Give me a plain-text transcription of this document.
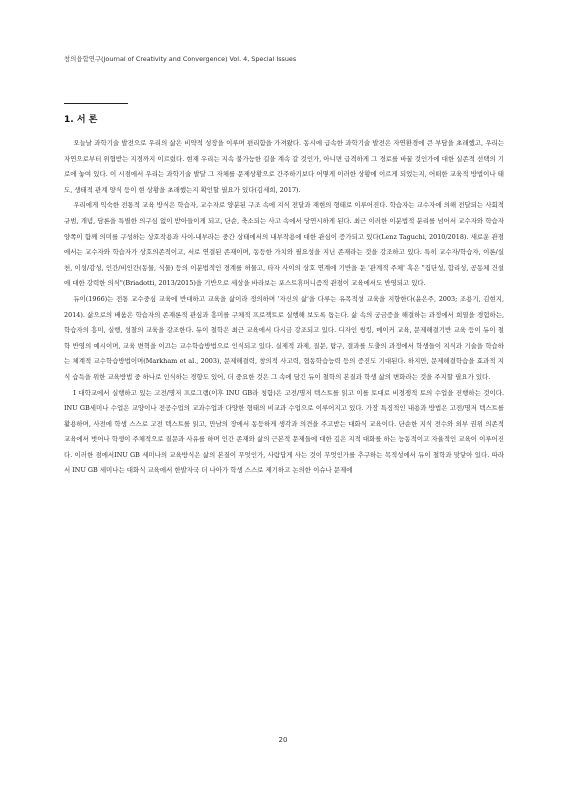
창의융합연구(Journal of Creativity and Convergence) Vol. 4, Special Issues
1. 서 론

오늘날 과학기술 발전으로 우리의 삶은 비약적 성장을 이루며 편리함을 가져왔다. 동시에 급속한 과학기술 발전은 자연환경에 큰 부담을 초래했고, 우리는 자연으로부터 위협받는 지경까지 이르렀다. 현재 우리는 지속 불가능한 길을 계속 갈 것인가, 아니면 급격하게 그 경로를 바꿀 것인가에 대한 실존적 선택의 기로에 놓여 있다. 이 시점에서 우리는 과학기술 발달 그 자체를 문제상황으로 간주하기보다 어떻게 이러한 상황에 이르게 되었는지, 어떠한 교육적 방법이나 태도, 생태적 관계 양식 등이 현 상황을 초래했는지 확인할 필요가 있다(김세희, 2017).

우리에게 익숙한 전통적 교육 방식은 학습자, 교수자로 양분된 구조 속에 지식 전달과 재현의 형태로 이루어진다. 학습자는 교수자에 의해 전달되는 사회적 규범, 개념, 담론을 특별한 의구심 없이 받아들이게 되고, 단순, 축소되는 사고 속에서 당연시하게 된다. 최근 이러한 이분법적 분리를 넘어서 교수자와 학습자 양쪽이 함께 의미를 구성하는 상호작용과 사이-내부라는 중간 상태에서의 내부작용에 대한 관심이 증가되고 있다(Lenz Taguchi, 2010/2018). 새로운 관점에서는 교수자와 학습자가 상호의존적이고, 서로 연결된 존재이며, 동등한 가치와 필요성을 지닌 존재라는 것을 강조하고 있다. 특히 교수자/학습자, 이론/실천, 이성/감성, 인간/비인간(동물, 식물) 등의 이분법적인 경계를 허물고, 타자 사이의 상호 연계에 기반을 둔 '관계적 주체' 혹은 "집단성, 합리성, 공동체 건설에 대한 강력한 의식"(Briadotti, 2013/2015)을 기반으로 세상을 바라보는 포스트휴머니즘적 관점이 교육에서도 반영되고 있다.

듀이(1966)는 전통 교수중심 교육에 반대하고 교육을 삶이라 정의하며 '자신의 삶'을 다루는 유목적성 교육을 지향한다(윤은주, 2003; 조용기, 김현지, 2014). 삶으로의 배움은 학습자의 존재론적 관심과 흥미를 구체적 프로젝트로 실행해 보도록 돕는다. 삶 속의 궁금증을 해결하는 과정에서 희열을 경험하는, 학습자의 흥미, 실행, 성찰의 교육을 강조한다. 듀이 철학은 최근 교육에서 다시금 강조되고 있다. 디자인 씽킹, 메이커 교육, 문제해결기반 교육 등이 듀이 철학 반영의 예시이며, 교육 변혁을 이끄는 교수학습방법으로 인식되고 있다. 실제적 과제, 질문, 탐구, 결과를 도출의 과정에서 학생들이 지식과 기술을 학습하는 체계적 교수학습방법이며(Markham et al., 2003), 문제해결력, 창의적 사고력, 협동학습능력 등의 증진도 기대된다. 하지만, 문제해결학습을 효과적 지식 습득을 위한 교육방법 중 하나로 인식하는 경향도 있어, 더 중요한 것은 그 속에 담긴 듀이 철학의 본질과 학생 삶의 변화라는 것을 주지할 필요가 있다.

I 대학교에서 실행하고 있는 고전/명저 프로그램(이후 INU GB라 칭함)은 고전/명저 텍스트를 읽고 이를 토대로 비경쟁적 토의 수업을 진행하는 것이다. INU GB세미나 수업은 교양이나 전공수업의 교과수업과 다양한 형태의 비교과 수업으로 이루어지고 있다. 가장 특징적인 내용과 방법은 고전/명저 텍스트를 활용하며, 사전에 학생 스스로 고전 텍스트를 읽고, 만남의 장에서 동등하게 생각과 의견을 주고받는 대화식 교육이다. 단순한 지식 전수와 외부 권위 의존적 교육에서 벗어나 학생이 주체적으로 질문과 사유를 하며 인간 존재와 삶의 근본적 문제들에 대한 깊은 지적 대화를 하는 능동적이고 자율적인 교육이 이루어진다. 이러한 점에서INU GB 세미나의 교육방식은 삶의 본질이 무엇인가, 사람답게 사는 것이 무엇인가를 추구하는 목적성에서 듀이 철학과 맞닿아 있다. 따라서 INU GB 세미나는 대화식 교육에서 한발자국 더 나아가 학생 스스로 제기하고 논의한 이슈나 문제에

20
